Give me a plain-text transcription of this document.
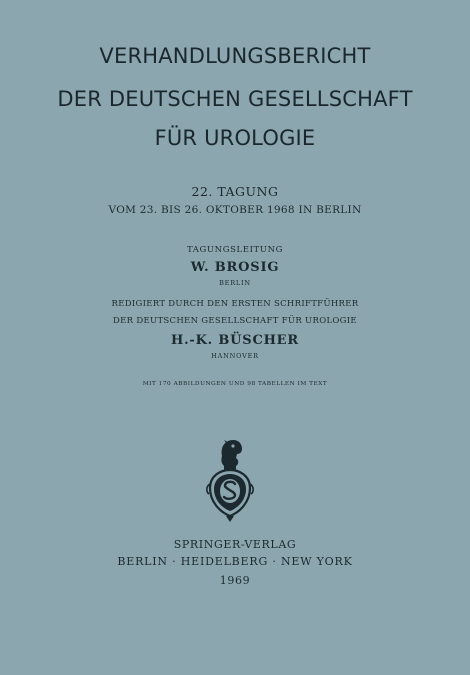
VERHANDLUNGSBERICHT
DER DEUTSCHEN GESELLSCHAFT
FÜR UROLOGIE
22. TAGUNG
VOM 23. BIS 26. OKTOBER 1968 IN BERLIN
TAGUNGSLEITUNG
W. BROSIG
BERLIN
REDIGIERT DURCH DEN ERSTEN SCHRIFTFÜHRER
DER DEUTSCHEN GESELLSCHAFT FÜR UROLOGIE
H.-K. BÜSCHER
HANNOVER
MIT 170 ABBILDUNGEN UND 98 TABELLEN IM TEXT
SPRINGER-VERLAG
BERLIN · HEIDELBERG · NEW YORK
1969
